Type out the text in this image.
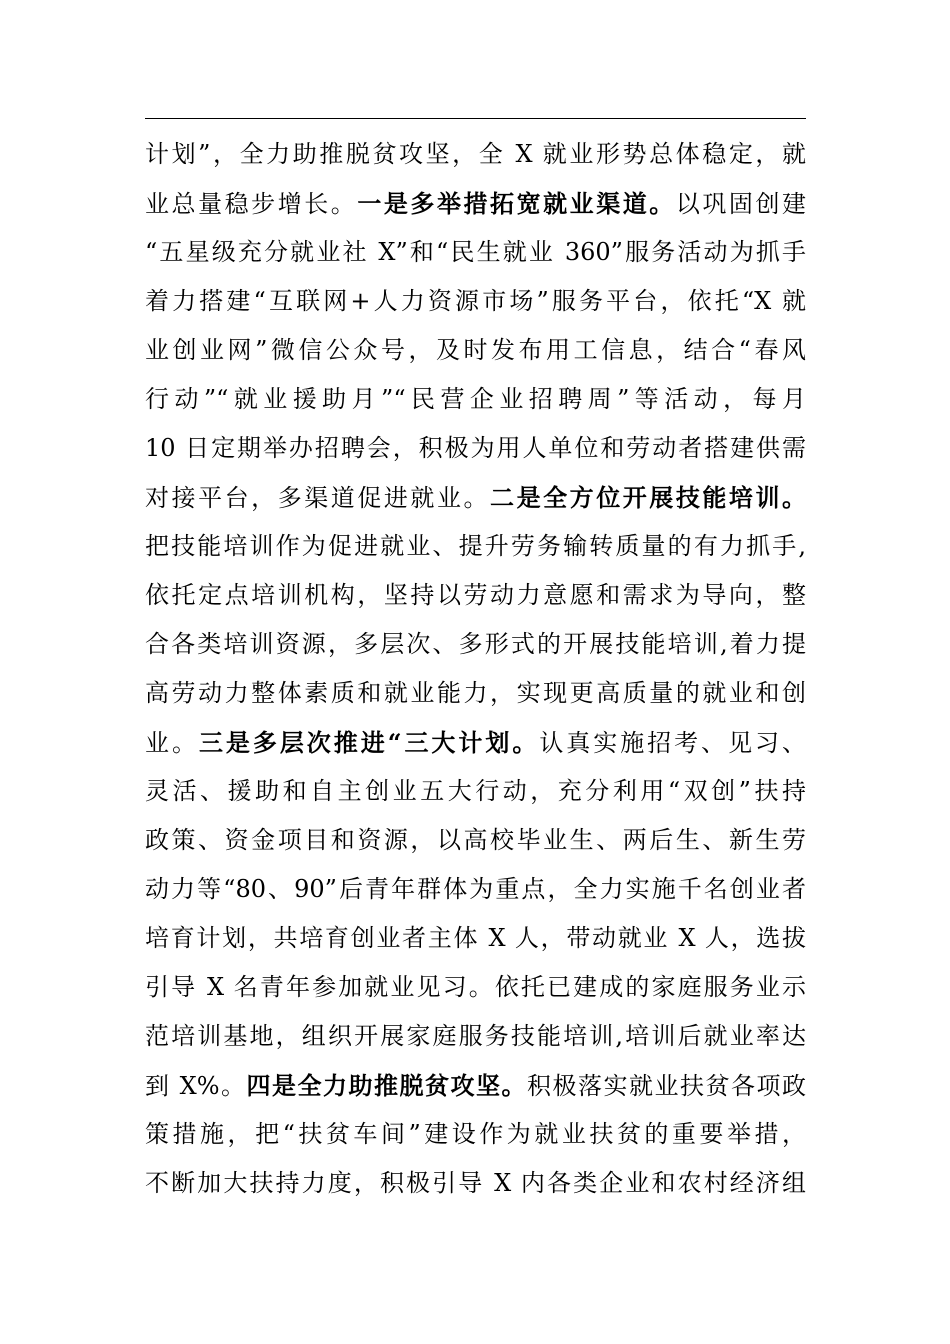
计划”，全力助推脱贫攻坚，全 X 就业形势总体稳定，就
业总量稳步增长。一是多举措拓宽就业渠道。以巩固创建
“五星级充分就业社 X”和“民生就业 360”服务活动为抓手
着力搭建“互联网+人力资源市场”服务平台，依托“X 就
业创业网”微信公众号，及时发布用工信息，结合“春风
行动”“就业援助月”“民营企业招聘周”等活动，每月
10 日定期举办招聘会，积极为用人单位和劳动者搭建供需
对接平台，多渠道促进就业。二是全方位开展技能培训。
把技能培训作为促进就业、提升劳务输转质量的有力抓手,
依托定点培训机构，坚持以劳动力意愿和需求为导向，整
合各类培训资源，多层次、多形式的开展技能培训,着力提
高劳动力整体素质和就业能力，实现更高质量的就业和创
业。三是多层次推进“三大计划。认真实施招考、见习、
灵活、援助和自主创业五大行动，充分利用“双创”扶持
政策、资金项目和资源，以高校毕业生、两后生、新生劳
动力等“80、90”后青年群体为重点，全力实施千名创业者
培育计划，共培育创业者主体 X 人，带动就业 X 人，选拔
引导 X 名青年参加就业见习。依托已建成的家庭服务业示
范培训基地，组织开展家庭服务技能培训,培训后就业率达
到 X%。四是全力助推脱贫攻坚。积极落实就业扶贫各项政
策措施，把“扶贫车间”建设作为就业扶贫的重要举措，
不断加大扶持力度，积极引导 X 内各类企业和农村经济组
